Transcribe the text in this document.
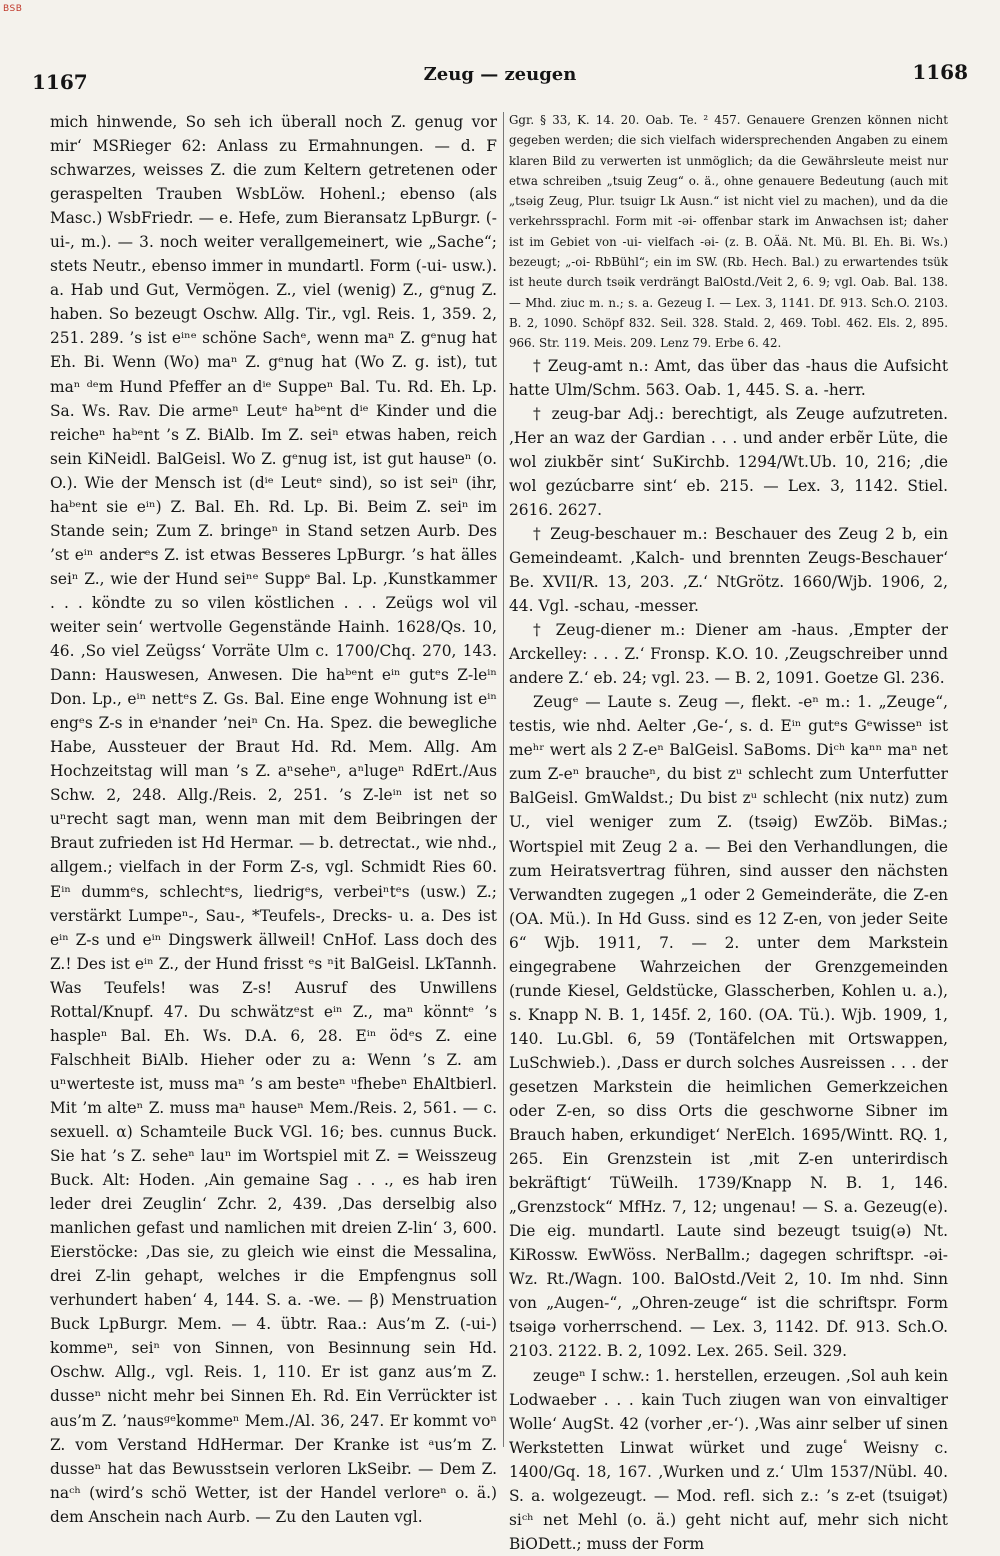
BSB
1167	Zeug — zeugen	1168

mich hinwende, So seh ich überall noch Z. genug vor mir‘ MSRieger 62: Anlass zu Ermahnungen. — d. F schwarzes, weisses Z. die zum Keltern getretenen oder geraspelten Trauben WsbLöw. Hohenl.; ebenso (als Masc.) WsbFriedr. — e. Hefe, zum Bieransatz LpBurgr. (-ui-, m.). — 3. noch weiter verallgemeinert, wie „Sache“; stets Neutr., ebenso immer in mundartl. Form (-ui- usw.). a. Hab und Gut, Vermögen. Z., viel (wenig) Z., gᵉnug Z. haben. So bezeugt Oschw. Allg. Tir., vgl. Reis. 1, 359. 2, 251. 289. ’s ist eⁱⁿᵉ schöne Sachᵉ, wenn maⁿ Z. gᵉnug hat Eh. Bi. Wenn (Wo) maⁿ Z. gᵉnug hat (Wo Z. g. ist), tut maⁿ ᵈᵉm Hund Pfeffer an dⁱᵉ Suppeⁿ Bal. Tu. Rd. Eh. Lp. Sa. Ws. Rav. Die armeⁿ Leutᵉ haᵇᵉnt dⁱᵉ Kinder und die reicheⁿ haᵇᵉnt ’s Z. BiAlb. Im Z. seiⁿ etwas haben, reich sein KiNeidl. BalGeisl. Wo Z. gᵉnug ist, ist gut hauseⁿ (o. O.). Wie der Mensch ist (dⁱᵉ Leutᵉ sind), so ist seiⁿ (ihr, haᵇᵉnt sie eⁱⁿ) Z. Bal. Eh. Rd. Lp. Bi. Beim Z. seiⁿ im Stande sein; Zum Z. bringeⁿ in Stand setzen Aurb. Des ’st eⁱⁿ anderᵉs Z. ist etwas Besseres LpBurgr. ’s hat älles seiⁿ Z., wie der Hund seiⁿᵉ Suppᵉ Bal. Lp. ‚Kunstkammer . . . köndte zu so vilen köstlichen . . . Zeügs wol vil weiter sein‘ wertvolle Gegenstände Hainh. 1628/Qs. 10, 46. ‚So viel Zeügss‘ Vorräte Ulm c. 1700/Chq. 270, 143. Dann: Hauswesen, Anwesen. Die haᵇᵉnt eⁱⁿ gutᵉs Z-leⁱⁿ Don. Lp., eⁱⁿ nettᵉs Z. Gs. Bal. Eine enge Wohnung ist eⁱⁿ engᵉs Z-s in eⁱnander ’neiⁿ Cn. Ha. Spez. die bewegliche Habe, Aussteuer der Braut Hd. Rd. Mem. Allg. Am Hochzeitstag will man ’s Z. aⁿseheⁿ, aⁿlugeⁿ RdErt./Aus Schw. 2, 248. Allg./Reis. 2, 251. ’s Z-leⁱⁿ ist net so uⁿrecht sagt man, wenn man mit dem Beibringen der Braut zufrieden ist Hd Hermar. — b. detrectat., wie nhd., allgem.; vielfach in der Form Z-s, vgl. Schmidt Ries 60. Eⁱⁿ dummᵉs, schlechtᵉs, liedrigᵉs, verbeiⁿtᵉs (usw.) Z.; verstärkt Lumpeⁿ-, Sau-, *Teufels-, Drecks- u. a. Des ist eⁱⁿ Z-s und eⁱⁿ Dingswerk ällweil! CnHof. Lass doch des Z.! Des ist eⁱⁿ Z., der Hund frisst ᵉs ⁿit BalGeisl. LkTannh. Was Teufels! was Z-s! Ausruf des Unwillens Rottal/Knupf. 47. Du schwätzᵉst eⁱⁿ Z., maⁿ könntᵉ ’s haspleⁿ Bal. Eh. Ws. D.A. 6, 28. Eⁱⁿ ödᵉs Z. eine Falschheit BiAlb. Hieher oder zu a: Wenn ’s Z. am uⁿwerteste ist, muss maⁿ ’s am besteⁿ ᵘfhebeⁿ EhAltbierl. Mit ’m alteⁿ Z. muss maⁿ hauseⁿ Mem./Reis. 2, 561. — c. sexuell. α) Schamteile Buck VGl. 16; bes. cunnus Buck. Sie hat ’s Z. seheⁿ lauⁿ im Wortspiel mit Z. = Weisszeug Buck. Alt: Hoden. ‚Ain gemaine Sag . . ., es hab iren leder drei Zeuglin‘ Zchr. 2, 439. ‚Das derselbig also manlichen gefast und namlichen mit dreien Z-lin‘ 3, 600. Eierstöcke: ‚Das sie, zu gleich wie einst die Messalina, drei Z-lin gehapt, welches ir die Empfengnus soll verhundert haben‘ 4, 144. S. a. -we. — β) Menstruation Buck LpBurgr. Mem. — 4. übtr. Raa.: Aus’m Z. (-ui-) kommeⁿ, seiⁿ von Sinnen, von Besinnung sein Hd. Oschw. Allg., vgl. Reis. 1, 110. Er ist ganz aus’m Z. dusseⁿ nicht mehr bei Sinnen Eh. Rd. Ein Verrückter ist aus’m Z. ’nausᵍᵉkommeⁿ Mem./Al. 36, 247. Er kommt voⁿ Z. vom Verstand HdHermar. Der Kranke ist ᵃus’m Z. dusseⁿ hat das Bewusstsein verloren LkSeibr. — Dem Z. naᶜʰ (wird’s schö Wetter, ist der Handel verloreⁿ o. ä.) dem Anschein nach Aurb. — Zu den Lauten vgl.

Ggr. § 33, K. 14. 20. Oab. Te. ² 457. Genauere Grenzen können nicht gegeben werden; die sich vielfach widersprechenden Angaben zu einem klaren Bild zu verwerten ist unmöglich; da die Gewährsleute meist nur etwa schreiben „tsuig Zeug“ o. ä., ohne genauere Bedeutung (auch mit „tsəig Zeug, Plur. tsuigr Lk Ausn.“ ist nicht viel zu machen), und da die verkehrssprachl. Form mit -əi- offenbar stark im Anwachsen ist; daher ist im Gebiet von -ui- vielfach -əi- (z. B. OÄä. Nt. Mü. Bl. Eh. Bi. Ws.) bezeugt; „-oi- RbBühl“; ein im SW. (Rb. Hech. Bal.) zu erwartendes tsük ist heute durch tsəik verdrängt BalOstd./Veit 2, 6. 9; vgl. Oab. Bal. 138. — Mhd. ziuc m. n.; s. a. Gezeug I. — Lex. 3, 1141. Df. 913. Sch.O. 2103. B. 2, 1090. Schöpf 832. Seil. 328. Stald. 2, 469. Tobl. 462. Els. 2, 895. 966. Str. 119. Meis. 209. Lenz 79. Erbe 6. 42.

† Zeug-amt n.: Amt, das über das -haus die Aufsicht hatte Ulm/Schm. 563. Oab. 1, 445. S. a. -herr.

† zeug-bar Adj.: berechtigt, als Zeuge aufzutreten. ‚Her an waz der Gardian . . . und ander erbẽr Lüte, die wol ziukbẽr sint‘ SuKirchb. 1294/Wt.Ub. 10, 216; ‚die wol gezúcbarre sint‘ eb. 215. — Lex. 3, 1142. Stiel. 2616. 2627.

† Zeug-beschauer m.: Beschauer des Zeug 2 b, ein Gemeindeamt. ‚Kalch- und brennten Zeugs-Beschauer‘ Be. XVII/R. 13, 203. ‚Z.‘ NtGrötz. 1660/Wjb. 1906, 2, 44. Vgl. -schau, -messer.

† Zeug-diener m.: Diener am -haus. ‚Empter der Arckelley: . . . Z.‘ Fronsp. K.O. 10. ‚Zeugschreiber unnd andere Z.‘ eb. 24; vgl. 23. — B. 2, 1091. Goetze Gl. 236.

Zeugᵉ — Laute s. Zeug —, flekt. -eⁿ m.: 1. „Zeuge“, testis, wie nhd. Aelter ‚Ge-‘, s. d. Eⁱⁿ gutᵉs Gᵉwisseⁿ ist meʰʳ wert als 2 Z-eⁿ BalGeisl. SaBoms. Diᶜʰ kaⁿⁿ maⁿ net zum Z-eⁿ braucheⁿ, du bist zᵘ schlecht zum Unterfutter BalGeisl. GmWaldst.; Du bist zᵘ schlecht (nix nutz) zum U., viel weniger zum Z. (tsəig) EwZöb. BiMas.; Wortspiel mit Zeug 2 a. — Bei den Verhandlungen, die zum Heiratsvertrag führen, sind ausser den nächsten Verwandten zugegen „1 oder 2 Gemeinderäte, die Z-en (OA. Mü.). In Hd Guss. sind es 12 Z-en, von jeder Seite 6“ Wjb. 1911, 7. — 2. unter dem Markstein eingegrabene Wahrzeichen der Grenzgemeinden (runde Kiesel, Geldstücke, Glasscherben, Kohlen u. a.), s. Knapp N. B. 1, 145f. 2, 160. (OA. Tü.). Wjb. 1909, 1, 140. Lu.Gbl. 6, 59 (Tontäfelchen mit Ortswappen, LuSchwieb.). ‚Dass er durch solches Ausreissen . . . der gesetzen Markstein die heimlichen Gemerkzeichen oder Z-en, so diss Orts die geschworne Sibner im Brauch haben, erkundiget‘ NerElch. 1695/Wintt. RQ. 1, 265. Ein Grenzstein ist ‚mit Z-en unterirdisch bekräftigt‘ TüWeilh. 1739/Knapp N. B. 1, 146. „Grenzstock“ MfHz. 7, 12; ungenau! — S. a. Gezeug(e). Die eig. mundartl. Laute sind bezeugt tsuig(ə) Nt. KiRossw. EwWöss. NerBallm.; dagegen schriftspr. -əi- Wz. Rt./Wagn. 100. BalOstd./Veit 2, 10. Im nhd. Sinn von „Augen-“, „Ohren-zeuge“ ist die schriftspr. Form tsəigə vorherrschend. — Lex. 3, 1142. Df. 913. Sch.O. 2103. 2122. B. 2, 1092. Lex. 265. Seil. 329.

zeugeⁿ I schw.: 1. herstellen, erzeugen. ‚Sol auh kein Lodwaeber . . . kain Tuch ziugen wan von einvaltiger Wolle‘ AugSt. 42 (vorher ‚er-‘). ‚Was ainr selber uf sinen Werkstetten Linwat würket und zugeٴ Weisny c. 1400/Gq. 18, 167. ‚Wurken und z.‘ Ulm 1537/Nübl. 40. S. a. wolgezeugt. — Mod. refl. sich z.: ’s z-et (tsuigət) siᶜʰ net Mehl (o. ä.) geht nicht auf, mehr sich nicht BiODett.; muss der Form
